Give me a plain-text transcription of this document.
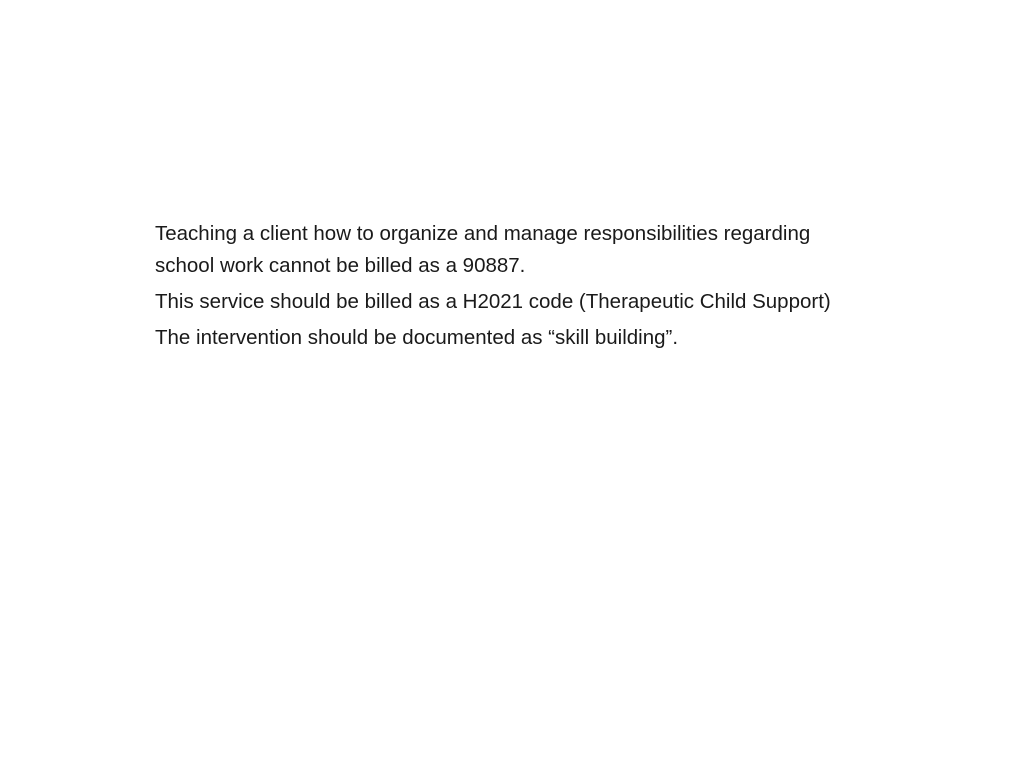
Teaching a client how to organize and manage responsibilities regarding school work cannot be billed as a 90887.

This service should be billed as a H2021 code (Therapeutic Child Support)

The intervention should be documented as “skill building”.
